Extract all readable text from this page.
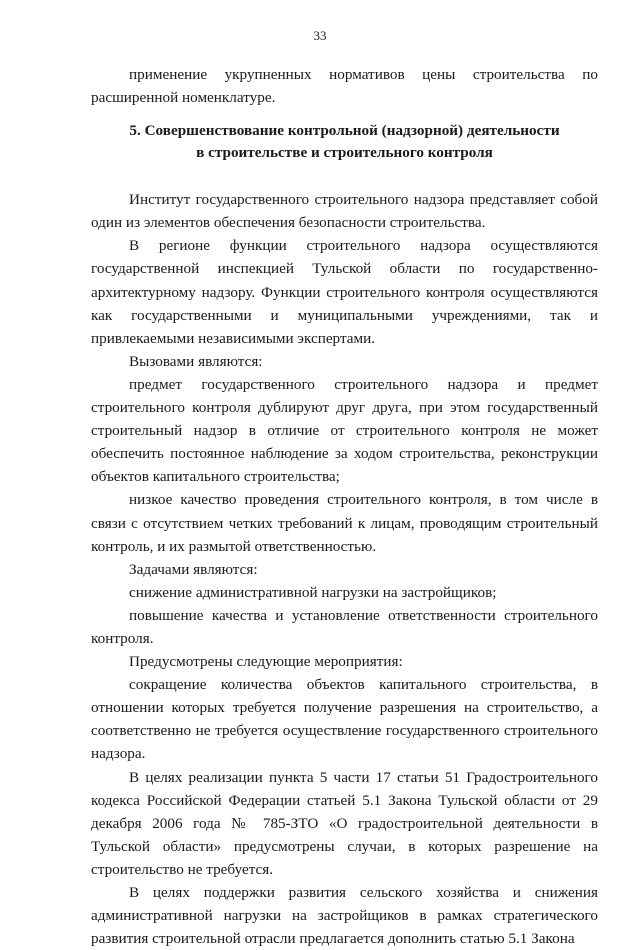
33

применение укрупненных нормативов цены строительства по расширенной номенклатуре.

5. Совершенствование контрольной (надзорной) деятельности
в строительстве и строительного контроля

Институт государственного строительного надзора представляет собой один из элементов обеспечения безопасности строительства.

В регионе функции строительного надзора осуществляются государственной инспекцией Тульской области по государственно-архитектурному надзору. Функции строительного контроля осуществляются как государственными и муниципальными учреждениями, так и привлекаемыми независимыми экспертами.

Вызовами являются:

предмет государственного строительного надзора и предмет строительного контроля дублируют друг друга, при этом государственный строительный надзор в отличие от строительного контроля не может обеспечить постоянное наблюдение за ходом строительства, реконструкции объектов капитального строительства;

низкое качество проведения строительного контроля, в том числе в связи с отсутствием четких требований к лицам, проводящим строительный контроль, и их размытой ответственностью.

Задачами являются:

снижение административной нагрузки на застройщиков;

повышение качества и установление ответственности строительного контроля.

Предусмотрены следующие мероприятия:

сокращение количества объектов капитального строительства, в отношении которых требуется получение разрешения на строительство, а соответственно не требуется осуществление государственного строительного надзора.

В целях реализации пункта 5 части 17 статьи 51 Градостроительного кодекса Российской Федерации статьей 5.1 Закона Тульской области от 29 декабря 2006 года № 785-ЗТО «О градостроительной деятельности в Тульской области» предусмотрены случаи, в которых разрешение на строительство не требуется.

В целях поддержки развития сельского хозяйства и снижения административной нагрузки на застройщиков в рамках стратегического развития строительной отрасли предлагается дополнить статью 5.1 Закона
